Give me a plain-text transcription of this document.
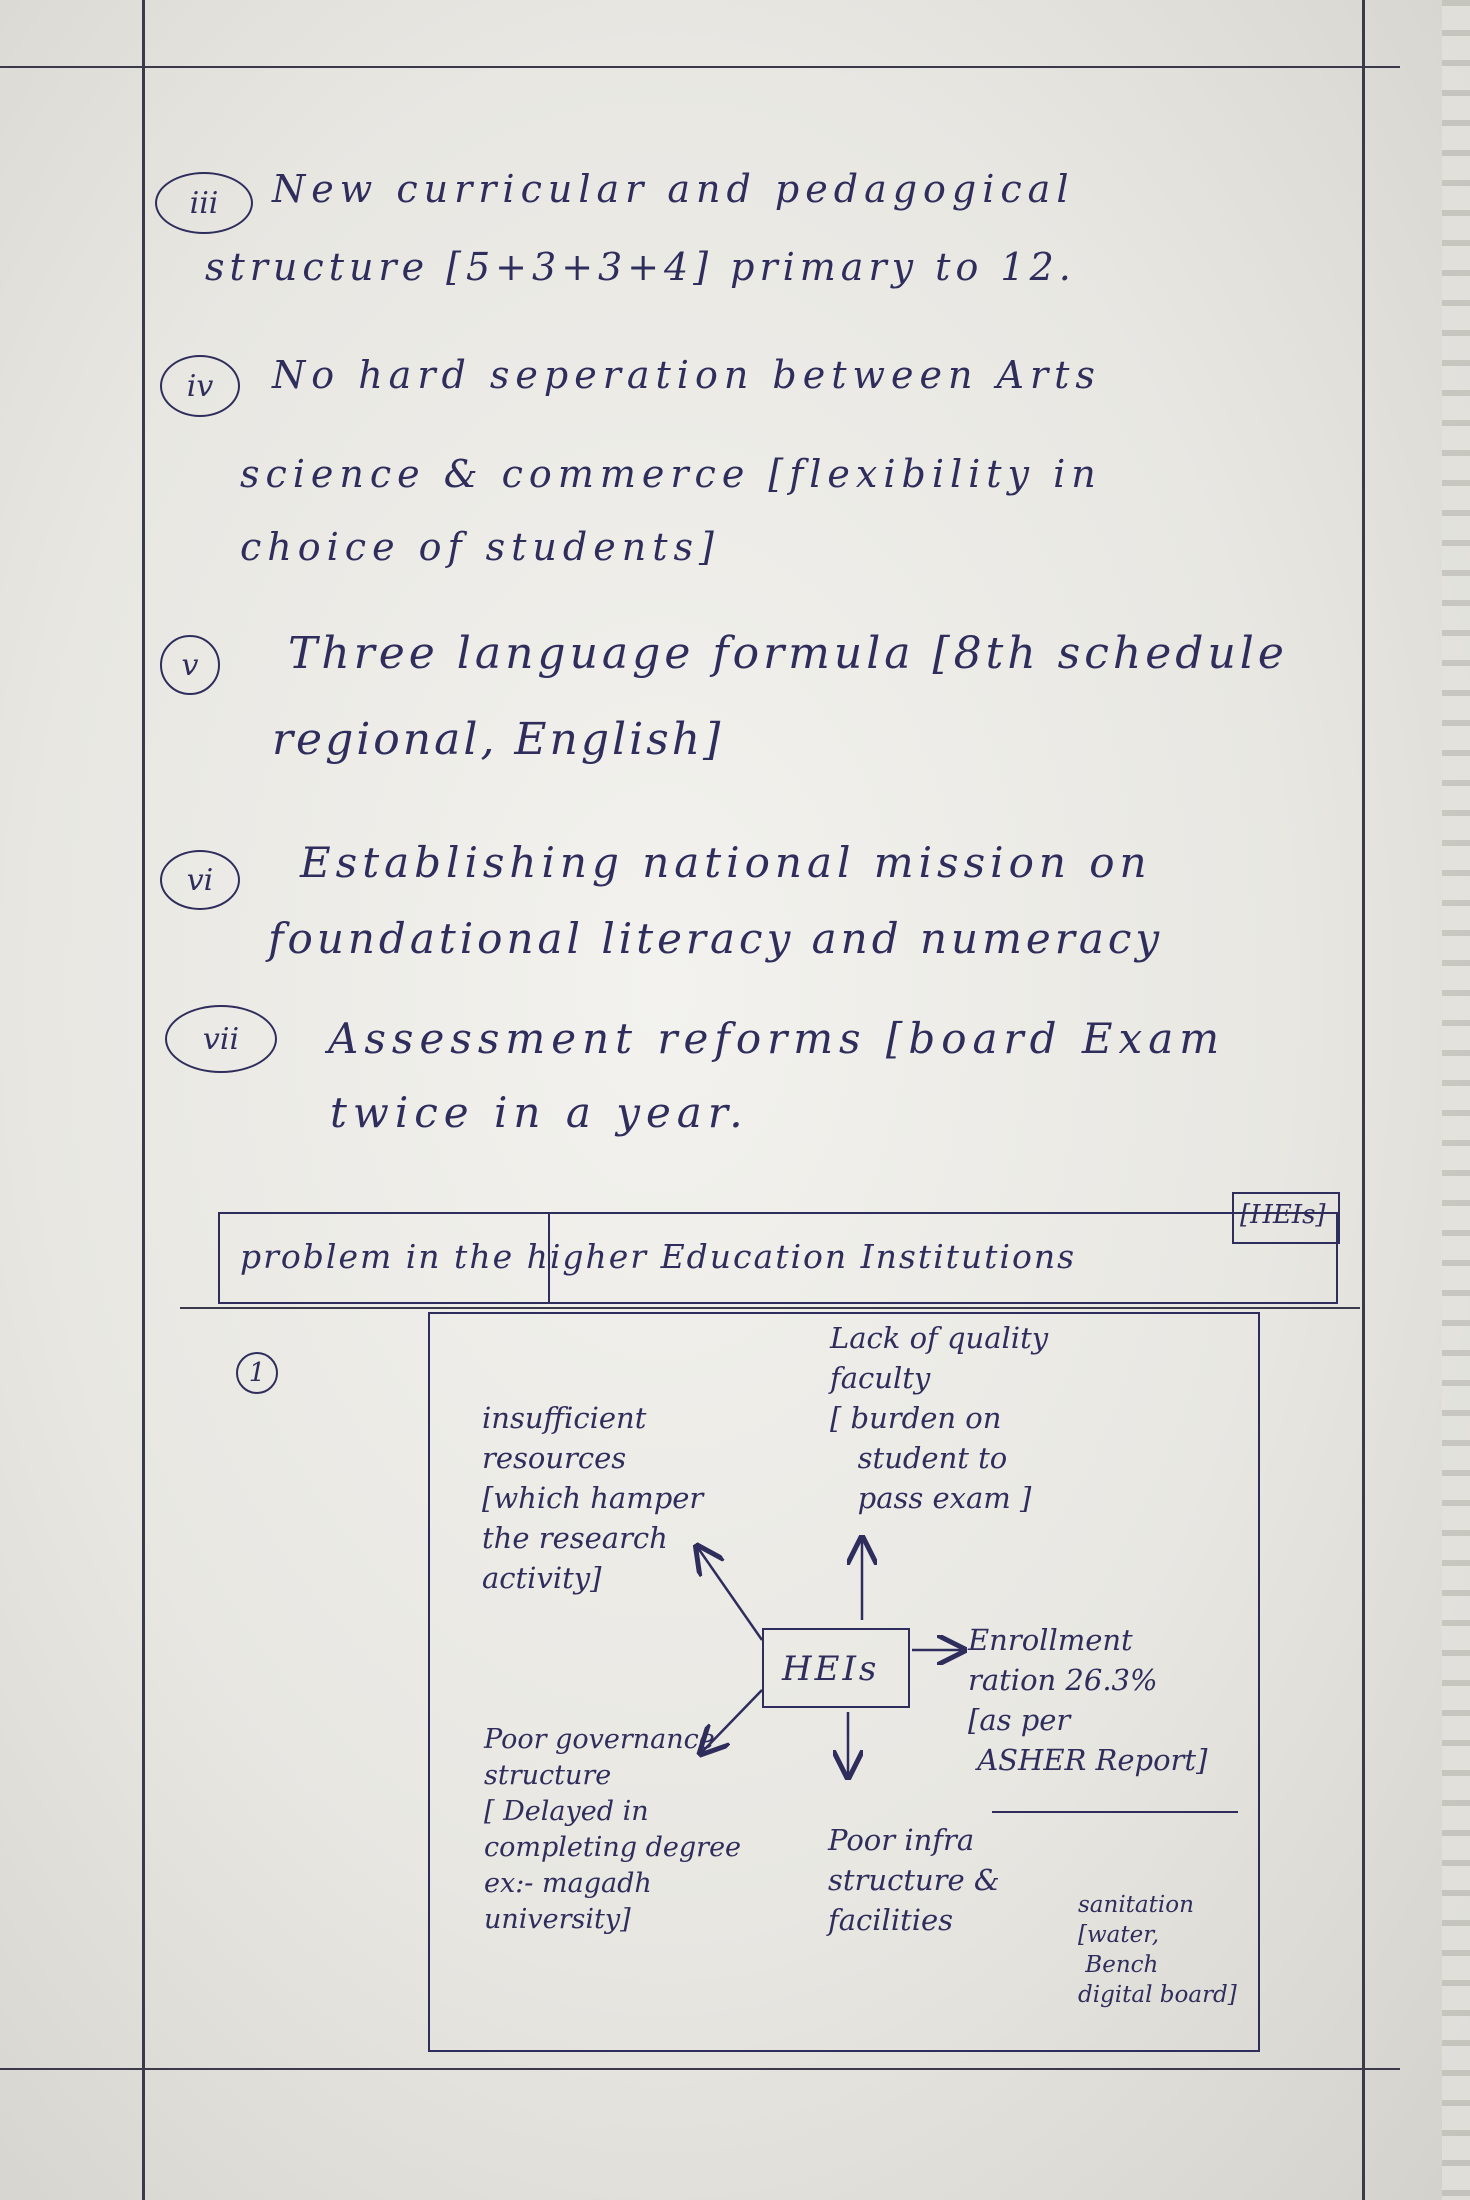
iii	New curricular and pedagogical
structure [5+3+3+4] primary to 12.
iv	No hard seperation between Arts
science & commerce [flexibility in
choice of students]
v	Three language formula [8th schedule
regional, English]
vi	Establishing national mission on
foundational literacy and numeracy
vii	Assessment reforms [board Exam
twice in a year.
problem in the higher Education Institutions
[HEIs]
1
HEIs
insufficient
resources
[which hamper
the research
activity]
Lack of quality
faculty
[ burden on
student to
pass exam ]
Enrollment
ration 26.3%
[as per
ASHER Report]
Poor governance
structure
[ Delayed in
completing degree
ex:- magadh
university]
Poor infra
structure &
facilities	sanitation
[water,
Bench
digital board]
